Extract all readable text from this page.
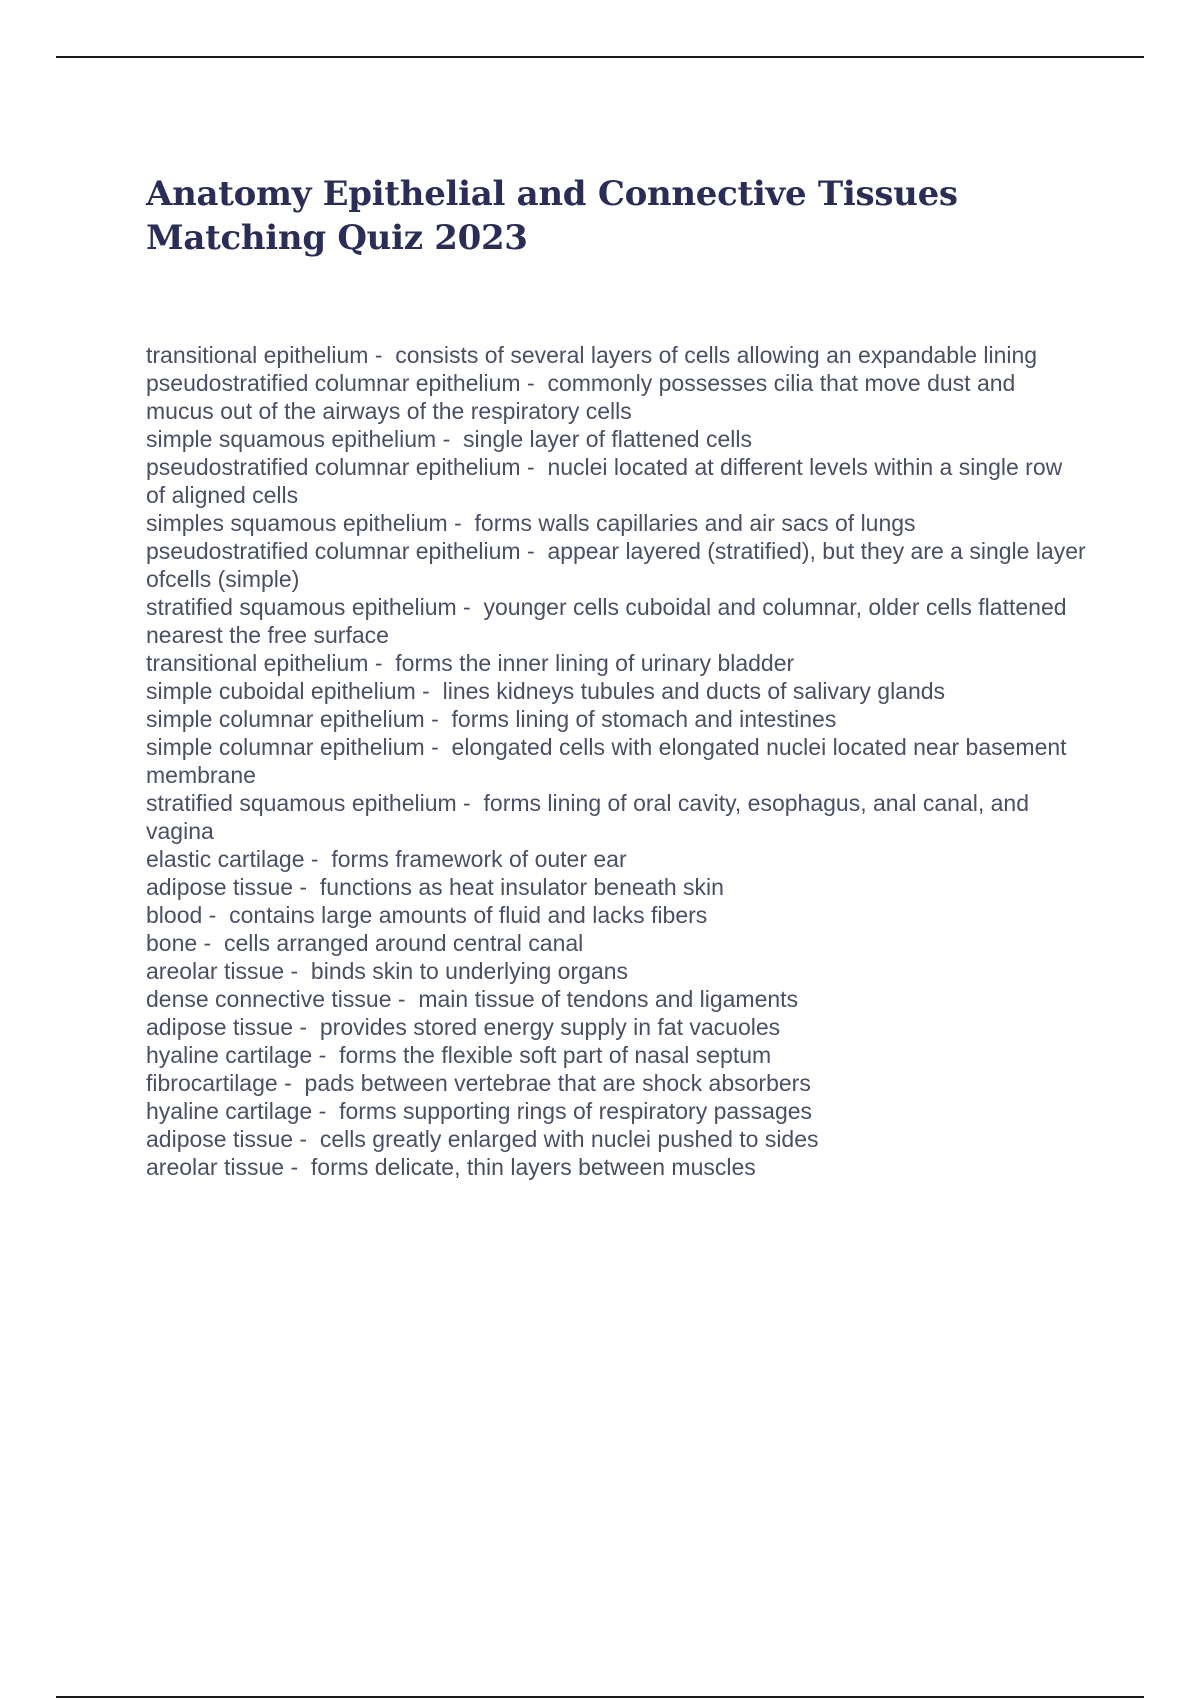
Anatomy Epithelial and Connective Tissues Matching Quiz 2023
transitional epithelium -  consists of several layers of cells allowing an expandable lining
pseudostratified columnar epithelium -  commonly possesses cilia that move dust and mucus out of the airways of the respiratory cells
simple squamous epithelium -  single layer of flattened cells
pseudostratified columnar epithelium -  nuclei located at different levels within a single row of aligned cells
simples squamous epithelium -  forms walls capillaries and air sacs of lungs
pseudostratified columnar epithelium -  appear layered (stratified), but they are a single layer ofcells (simple)
stratified squamous epithelium -  younger cells cuboidal and columnar, older cells flattened nearest the free surface
transitional epithelium -  forms the inner lining of urinary bladder
simple cuboidal epithelium -  lines kidneys tubules and ducts of salivary glands
simple columnar epithelium -  forms lining of stomach and intestines
simple columnar epithelium -  elongated cells with elongated nuclei located near basement membrane
stratified squamous epithelium -  forms lining of oral cavity, esophagus, anal canal, and vagina
elastic cartilage -  forms framework of outer ear
adipose tissue -  functions as heat insulator beneath skin
blood -  contains large amounts of fluid and lacks fibers
bone -  cells arranged around central canal
areolar tissue -  binds skin to underlying organs
dense connective tissue -  main tissue of tendons and ligaments
adipose tissue -  provides stored energy supply in fat vacuoles
hyaline cartilage -  forms the flexible soft part of nasal septum
fibrocartilage -  pads between vertebrae that are shock absorbers
hyaline cartilage -  forms supporting rings of respiratory passages
adipose tissue -  cells greatly enlarged with nuclei pushed to sides
areolar tissue -  forms delicate, thin layers between muscles
